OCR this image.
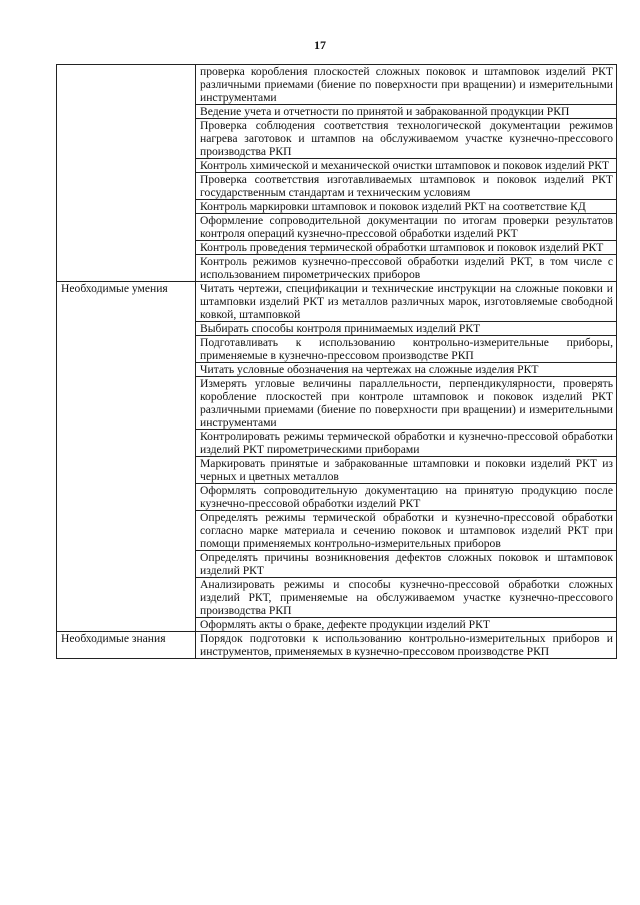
17
	проверка коробления плоскостей сложных поковок и штамповок изделий РКТ различными приемами (биение по поверхности при вращении) и измерительными инструментами
	Ведение учета и отчетности по принятой и забракованной продукции РКП
	Проверка соблюдения соответствия технологической документации режимов нагрева заготовок и штампов на обслуживаемом участке кузнечно-прессового производства РКП
	Контроль химической и механической очистки штамповок и поковок изделий РКТ
	Проверка соответствия изготавливаемых штамповок и поковок изделий РКТ государственным стандартам и техническим условиям
	Контроль маркировки штамповок и поковок изделий РКТ на соответствие КД
	Оформление сопроводительной документации по итогам проверки результатов контроля операций кузнечно-прессовой обработки изделий РКТ
	Контроль проведения термической обработки штамповок и поковок изделий РКТ
	Контроль режимов кузнечно-прессовой обработки изделий РКТ, в том числе с использованием пирометрических приборов
Необходимые умения	Читать чертежи, спецификации и технические инструкции на сложные поковки и штамповки изделий РКТ из металлов различных марок, изготовляемые свободной ковкой, штамповкой
	Выбирать способы контроля принимаемых изделий РКТ
	Подготавливать к использованию контрольно-измерительные приборы, применяемые в кузнечно-прессовом производстве РКП
	Читать условные обозначения на чертежах на сложные изделия РКТ
	Измерять угловые величины параллельности, перпендикулярности, проверять коробление плоскостей при контроле штамповок и поковок изделий РКТ различными приемами (биение по поверхности при вращении) и измерительными инструментами
	Контролировать режимы термической обработки и кузнечно-прессовой обработки изделий РКТ пирометрическими приборами
	Маркировать принятые и забракованные штамповки и поковки изделий РКТ из черных и цветных металлов
	Оформлять сопроводительную документацию на принятую продукцию после кузнечно-прессовой обработки изделий РКТ
	Определять режимы термической обработки и кузнечно-прессовой обработки согласно марке материала и сечению поковок и штамповок изделий РКТ при помощи применяемых контрольно-измерительных приборов
	Определять причины возникновения дефектов сложных поковок и штамповок изделий РКТ
	Анализировать режимы и способы кузнечно-прессовой обработки сложных изделий РКТ, применяемые на обслуживаемом участке кузнечно-прессового производства РКП
	Оформлять акты о браке, дефекте продукции изделий РКТ
Необходимые знания	Порядок подготовки к использованию контрольно-измерительных приборов и инструментов, применяемых в кузнечно-прессовом производстве РКП
